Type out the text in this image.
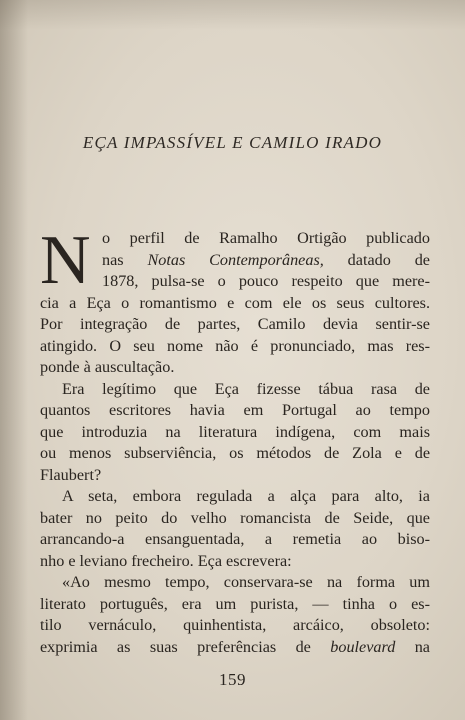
EÇA IMPASSÍVEL E CAMILO IRADO
N o perfil de Ramalho Ortigão publicado
nas Notas Contemporâneas, datado de
1878, pulsa-se o pouco respeito que mere-
cia a Eça o romantismo e com ele os seus cultores.
Por integração de partes, Camilo devia sentir-se
atingido. O seu nome não é pronunciado, mas res-
ponde à auscultação.
Era legítimo que Eça fizesse tábua rasa de
quantos escritores havia em Portugal ao tempo
que introduzia na literatura indígena, com mais
ou menos subserviência, os métodos de Zola e de
Flaubert?
A seta, embora regulada a alça para alto, ia
bater no peito do velho romancista de Seide, que
arrancando-a ensanguentada, a remetia ao biso-
nho e leviano frecheiro. Eça escrevera:
«Ao mesmo tempo, conservara-se na forma um
literato português, era um purista, — tinha o es-
tilo vernáculo, quinhentista, arcáico, obsoleto:
exprimia as suas preferências de boulevard na
159
